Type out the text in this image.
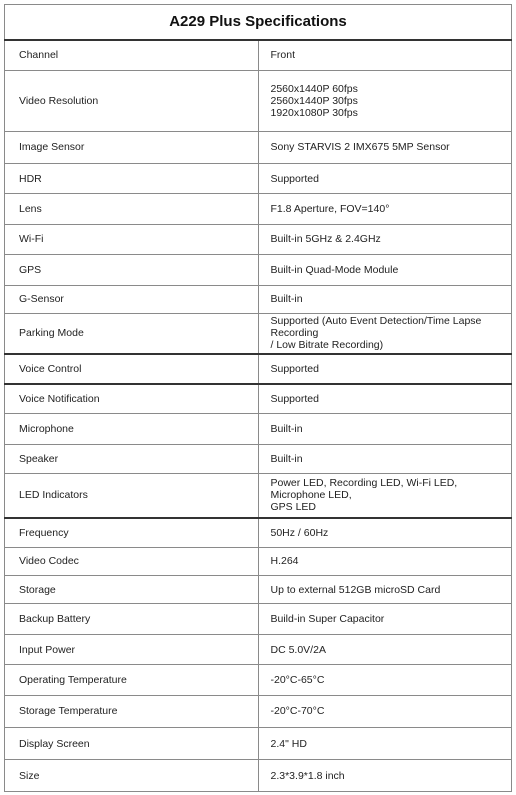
A229 Plus Specifications	
Channel	Front

Video Resolution	2560x1440P 60fps
2560x1440P 30fps
1920x1080P 30fps

Image Sensor	Sony STARVIS 2 IMX675 5MP Sensor

HDR	Supported

Lens	F1.8 Aperture, FOV=140°

Wi-Fi	Built-in 5GHz & 2.4GHz

GPS	Built-in Quad-Mode Module

G-Sensor	Built-in

Parking Mode	Supported (Auto Event Detection/Time Lapse Recording
/ Low Bitrate Recording)

Voice Control	Supported

Voice Notification	Supported

Microphone	Built-in

Speaker	Built-in

LED Indicators	Power LED, Recording LED, Wi-Fi LED, Microphone LED,
GPS LED

Frequency	50Hz / 60Hz

Video Codec	H.264

Storage	Up to external 512GB microSD Card

Backup Battery	Build-in Super Capacitor

Input Power	DC 5.0V/2A

Operating Temperature	-20°C-65°C

Storage Temperature	-20°C-70°C

Display Screen	2.4" HD

Size	2.3*3.9*1.8 inch
